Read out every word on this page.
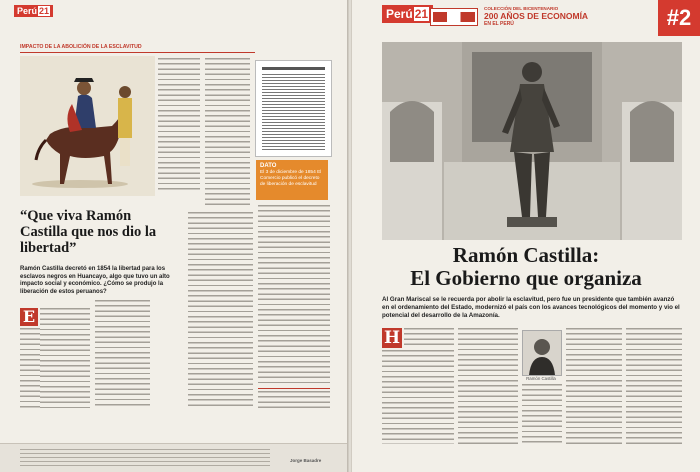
Perú 21
IMPACTO DE LA ABOLICIÓN DE LA ESCLAVITUD
DATO
El 3 de diciembre de 1854 El Comercio publicó el decreto de liberación de esclavitud
“Que viva Ramón Castilla que nos dio la libertad”
Ramón Castilla decretó en 1854 la libertad para los esclavos negros en Huancayo, algo que tuvo un alto impacto social y económico. ¿Cómo se produjo la liberación de estos peruanos?
E
Jorge Basadre
Perú 21	COLECCIÓN DEL BICENTENARIO
200 AÑOS DE ECONOMÍA
EN EL PERÚ	#2
Ramón Castilla:
El Gobierno que organiza
Al Gran Mariscal se le recuerda por abolir la esclavitud, pero fue un presidente que también avanzó en el ordenamiento del Estado, modernizó el país con los avances tecnológicos del momento y vio el potencial del desarrollo de la Amazonía.
H
Ramón Castilla
